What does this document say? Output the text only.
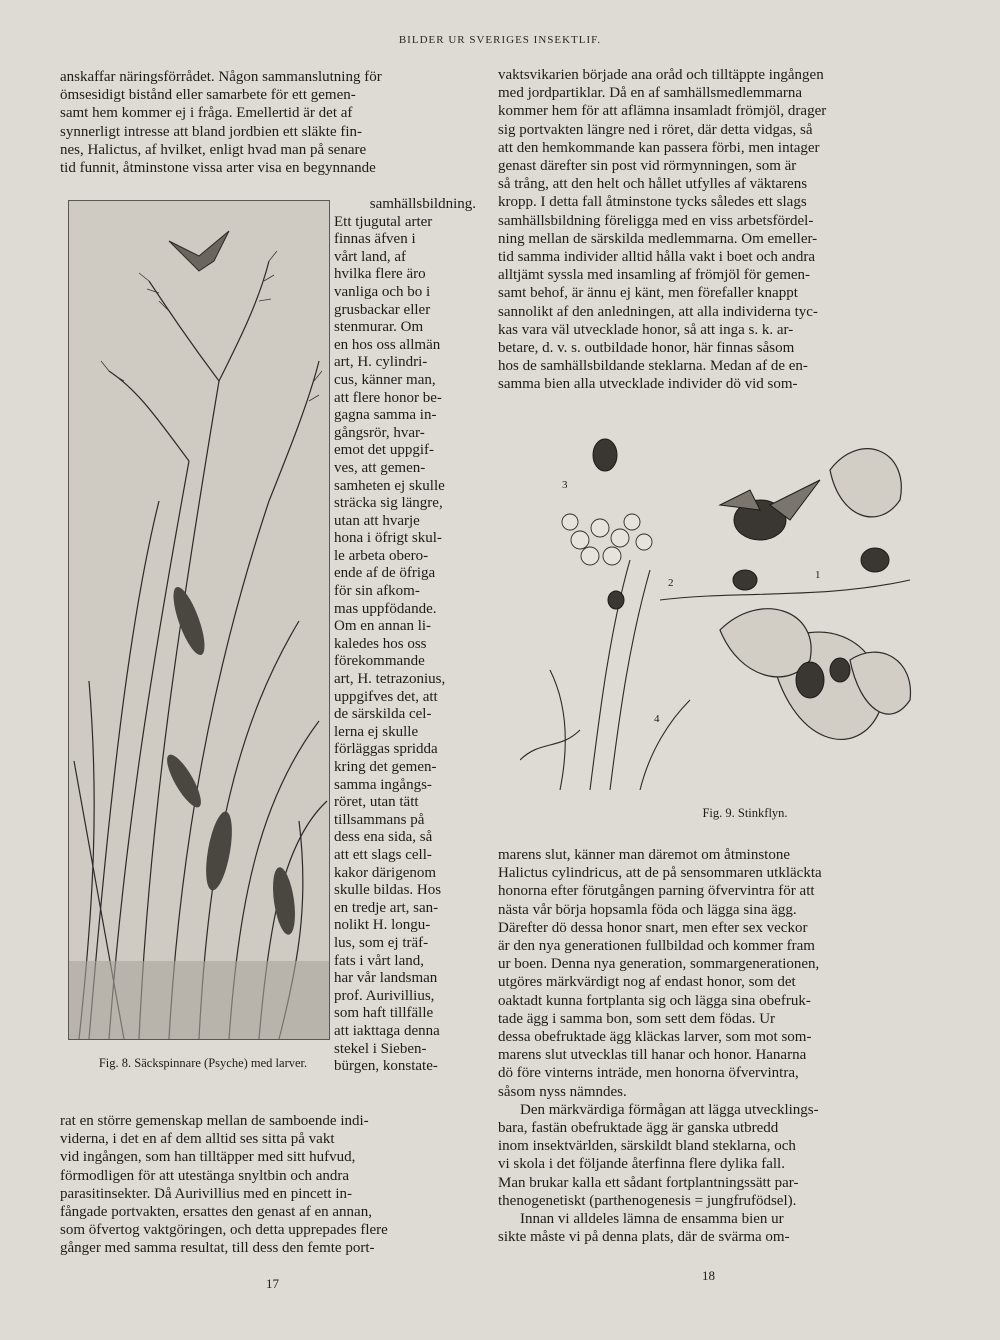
BILDER UR SVERIGES INSEKTLIF.

anskaffar näringsförrådet. Någon sammanslutning för

ömsesidigt bistånd eller samarbete för ett gemen-

samt hem kommer ej i fråga. Emellertid är det af

synnerligt intresse att bland jordbien ett släkte fin-

nes, Halictus, af hvilket, enligt hvad man på senare

tid funnit, åtminstone vissa arter visa en begynnande

samhällsbildning.

Ett tjugutal arter

finnas äfven i

vårt land, af

hvilka flere äro

vanliga och bo i

grusbackar eller

stenmurar. Om

en hos oss allmän

art, H. cylindri-

cus, känner man,

att flere honor be-

gagna samma in-

gångsrör, hvar-

emot det uppgif-

ves, att gemen-

samheten ej skulle

sträcka sig längre,

utan att hvarje

hona i öfrigt skul-

le arbeta obero-

ende af de öfriga

för sin afkom-

mas uppfödande.

Om en annan li-

kaledes hos oss

förekommande

art, H. tetrazonius,

uppgifves det, att

de särskilda cel-

lerna ej skulle

förläggas spridda

kring det gemen-

samma ingångs-

röret, utan tätt

tillsammans på

dess ena sida, så

att ett slags cell-

kakor därigenom

skulle bildas. Hos

en tredje art, san-

nolikt H. longu-

lus, som ej träf-

fats i vårt land,

har vår landsman

prof. Aurivillius,

som haft tillfälle

att iakttaga denna

stekel i Sieben-

bürgen, konstate-

Fig. 8. Säckspinnare (Psyche) med larver.

rat en större gemenskap mellan de samboende indi-

viderna, i det en af dem alltid ses sitta på vakt

vid ingången, som han tilltäpper med sitt hufvud,

förmodligen för att utestänga snyltbin och andra

parasitinsekter. Då Aurivillius med en pincett in-

fångade portvakten, ersattes den genast af en annan,

som öfvertog vaktgöringen, och detta upprepades flere

gånger med samma resultat, till dess den femte port-

17

vaktsvikarien började ana oråd och tilltäppte ingången

med jordpartiklar. Då en af samhällsmedlemmarna

kommer hem för att aflämna insamladt frömjöl, drager

sig portvakten längre ned i röret, där detta vidgas, så

att den hemkommande kan passera förbi, men intager

genast därefter sin post vid rörmynningen, som är

så trång, att den helt och hållet utfylles af väktarens

kropp. I detta fall åtminstone tycks således ett slags

samhällsbildning föreligga med en viss arbetsfördel-

ning mellan de särskilda medlemmarna. Om emeller-

tid samma individer alltid hålla vakt i boet och andra

alltjämt syssla med insamling af frömjöl för gemen-

samt behof, är ännu ej känt, men förefaller knappt

sannolikt af den anledningen, att alla individerna tyc-

kas vara väl utvecklade honor, så att inga s. k. ar-

betare, d. v. s. outbildade honor, här finnas såsom

hos de samhällsbildande steklarna. Medan af de en-

samma bien alla utvecklade individer dö vid som-

1
2
3
4
Fig. 9. Stinkflyn.

marens slut, känner man däremot om åtminstone

Halictus cylindricus, att de på sensommaren utkläckta

honorna efter förutgången parning öfvervintra för att

nästa vår börja hopsamla föda och lägga sina ägg.

Därefter dö dessa honor snart, men efter sex veckor

är den nya generationen fullbildad och kommer fram

ur boen. Denna nya generation, sommargenerationen,

utgöres märkvärdigt nog af endast honor, som det

oaktadt kunna fortplanta sig och lägga sina obefruk-

tade ägg i samma bon, som sett dem födas. Ur

dessa obefruktade ägg kläckas larver, som mot som-

marens slut utvecklas till hanar och honor. Hanarna

dö före vinterns inträde, men honorna öfvervintra,

såsom nyss nämndes.

Den märkvärdiga förmågan att lägga utvecklings-

bara, fastän obefruktade ägg är ganska utbredd

inom insektvärlden, särskildt bland steklarna, och

vi skola i det följande återfinna flere dylika fall.

Man brukar kalla ett sådant fortplantningssätt par-

thenogenetiskt (parthenogenesis = jungfrufödsel).

Innan vi alldeles lämna de ensamma bien ur

sikte måste vi på denna plats, där de svärma om-

18
